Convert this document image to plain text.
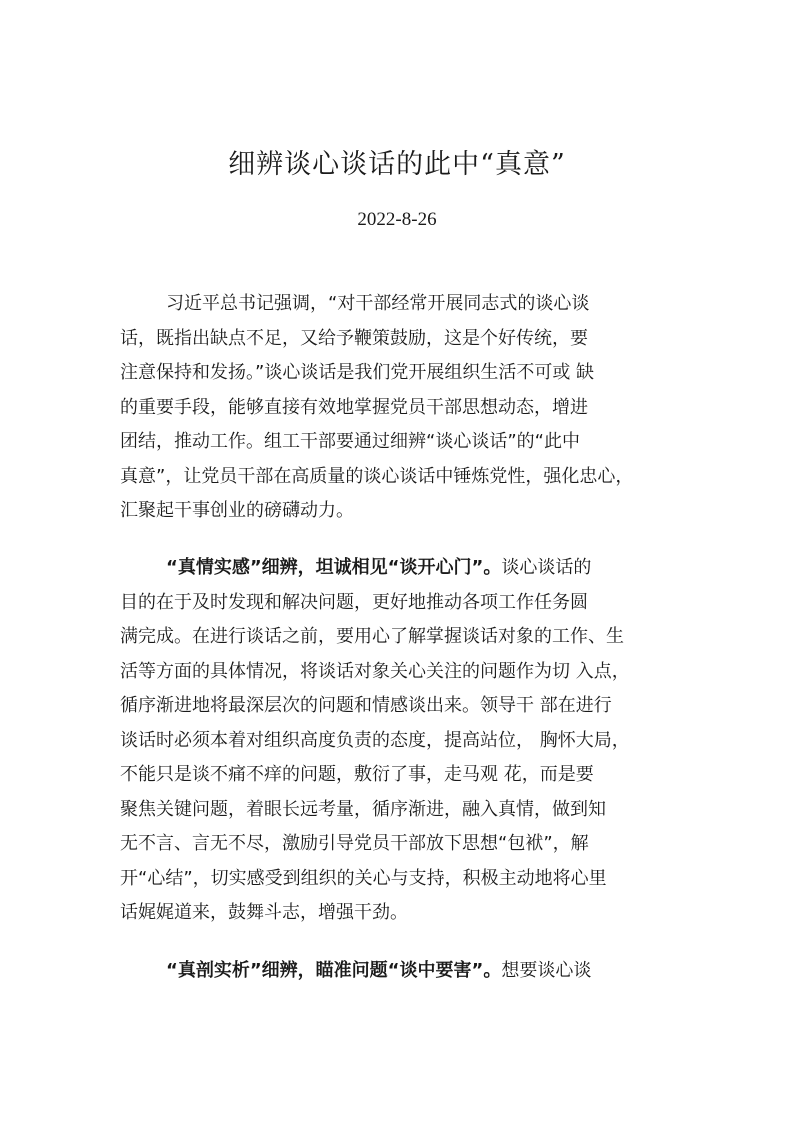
细辨谈心谈话的此中“真意”
2022-8-26
习近平总书记强调，“对干部经常开展同志式的谈心谈
话，既指出缺点不足，又给予鞭策鼓励，这是个好传统，要
注意保持和发扬。”谈心谈话是我们党开展组织生活不可或 缺
的重要手段，能够直接有效地掌握党员干部思想动态，增进
团结，推动工作。组工干部要通过细辨“谈心谈话”的“此中
真意”，让党员干部在高质量的谈心谈话中锤炼党性，强化忠心，
汇聚起干事创业的磅礴动力。
“真情实感”细辨，坦诚相见“谈开心门”。谈心谈话的
目的在于及时发现和解决问题，更好地推动各项工作任务圆
满完成。在进行谈话之前，要用心了解掌握谈话对象的工作、生
活等方面的具体情况，将谈话对象关心关注的问题作为切 入点，
循序渐进地将最深层次的问题和情感谈出来。领导干 部在进行
谈话时必须本着对组织高度负责的态度，提高站位， 胸怀大局，
不能只是谈不痛不痒的问题，敷衍了事，走马观 花，而是要
聚焦关键问题，着眼长远考量，循序渐进，融入真情，做到知
无不言、言无不尽，激励引导党员干部放下思想“包袱”，解
开“心结”，切实感受到组织的关心与支持，积极主动地将心里
话娓娓道来，鼓舞斗志，增强干劲。
“真剖实析”细辨，瞄准问题“谈中要害”。想要谈心谈
